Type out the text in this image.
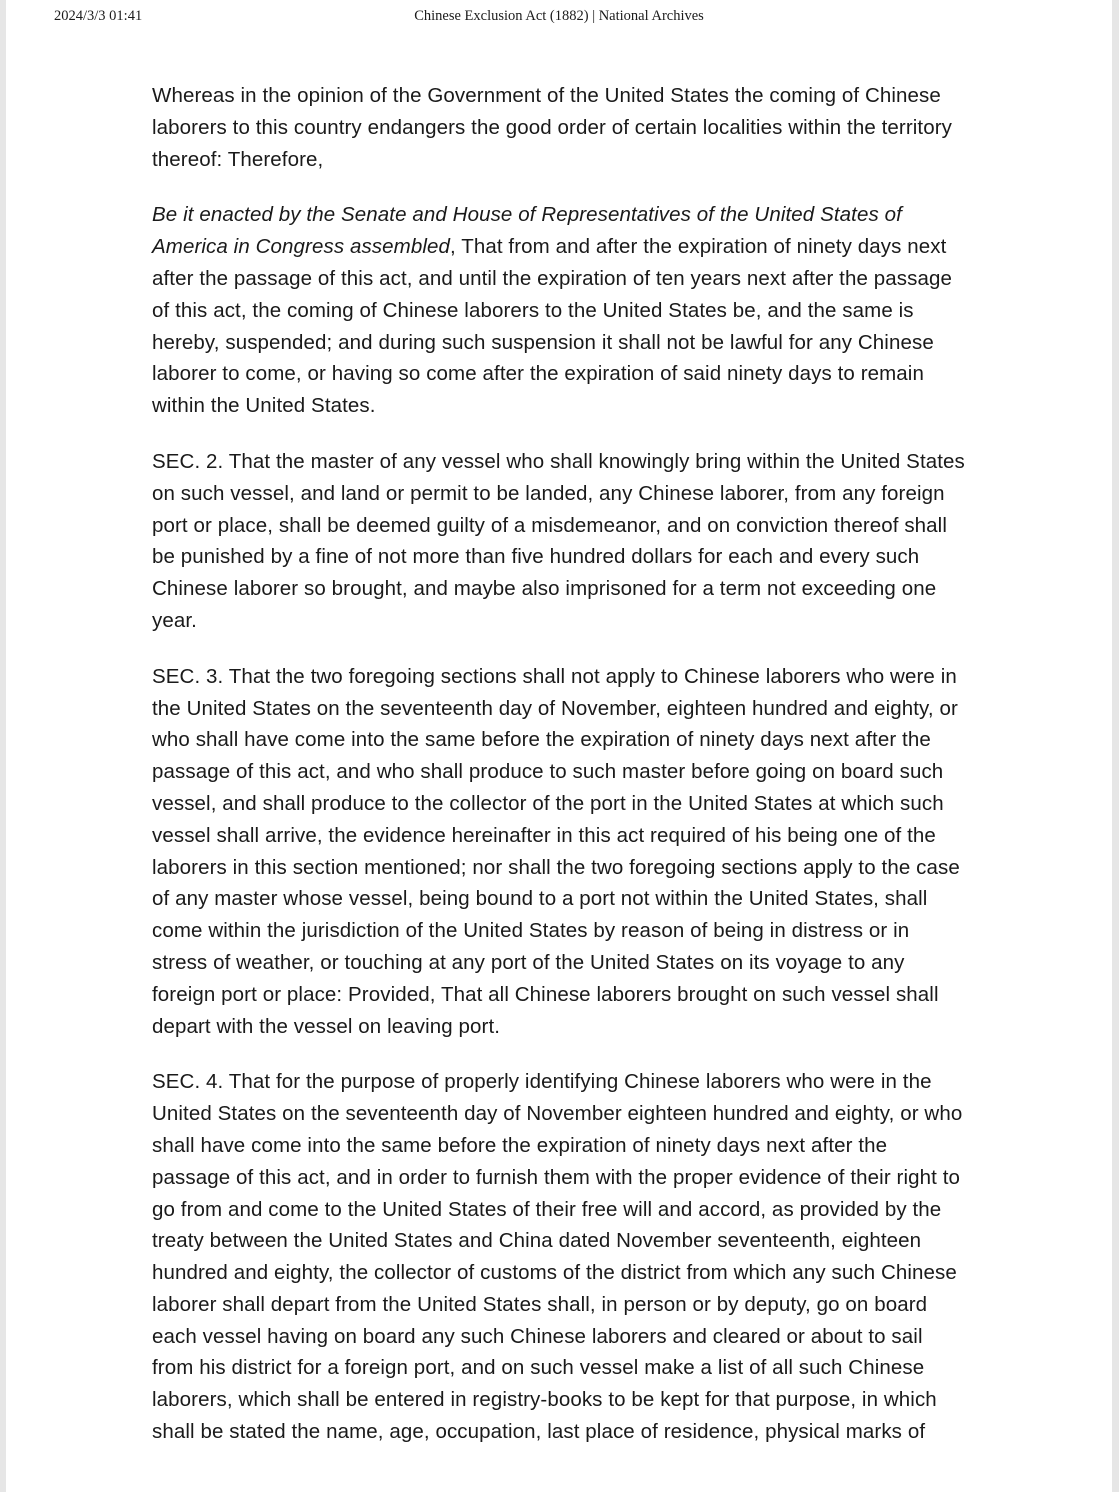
2024/3/3 01:41	Chinese Exclusion Act (1882) | National Archives

Whereas in the opinion of the Government of the United States the coming of Chinese laborers to this country endangers the good order of certain localities within the territory thereof: Therefore,

Be it enacted by the Senate and House of Representatives of the United States of America in Congress assembled, That from and after the expiration of ninety days next after the passage of this act, and until the expiration of ten years next after the passage of this act, the coming of Chinese laborers to the United States be, and the same is hereby, suspended; and during such suspension it shall not be lawful for any Chinese laborer to come, or having so come after the expiration of said ninety days to remain within the United States.

SEC. 2. That the master of any vessel who shall knowingly bring within the United States on such vessel, and land or permit to be landed, any Chinese laborer, from any foreign port or place, shall be deemed guilty of a misdemeanor, and on conviction thereof shall be punished by a fine of not more than five hundred dollars for each and every such Chinese laborer so brought, and maybe also imprisoned for a term not exceeding one year.

SEC. 3. That the two foregoing sections shall not apply to Chinese laborers who were in the United States on the seventeenth day of November, eighteen hundred and eighty, or who shall have come into the same before the expiration of ninety days next after the passage of this act, and who shall produce to such master before going on board such vessel, and shall produce to the collector of the port in the United States at which such vessel shall arrive, the evidence hereinafter in this act required of his being one of the laborers in this section mentioned; nor shall the two foregoing sections apply to the case of any master whose vessel, being bound to a port not within the United States, shall come within the jurisdiction of the United States by reason of being in distress or in stress of weather, or touching at any port of the United States on its voyage to any foreign port or place: Provided, That all Chinese laborers brought on such vessel shall depart with the vessel on leaving port.

SEC. 4. That for the purpose of properly identifying Chinese laborers who were in the United States on the seventeenth day of November eighteen hundred and eighty, or who shall have come into the same before the expiration of ninety days next after the passage of this act, and in order to furnish them with the proper evidence of their right to go from and come to the United States of their free will and accord, as provided by the treaty between the United States and China dated November seventeenth, eighteen hundred and eighty, the collector of customs of the district from which any such Chinese laborer shall depart from the United States shall, in person or by deputy, go on board each vessel having on board any such Chinese laborers and cleared or about to sail from his district for a foreign port, and on such vessel make a list of all such Chinese laborers, which shall be entered in registry-books to be kept for that purpose, in which shall be stated the name, age, occupation, last place of residence, physical marks of
